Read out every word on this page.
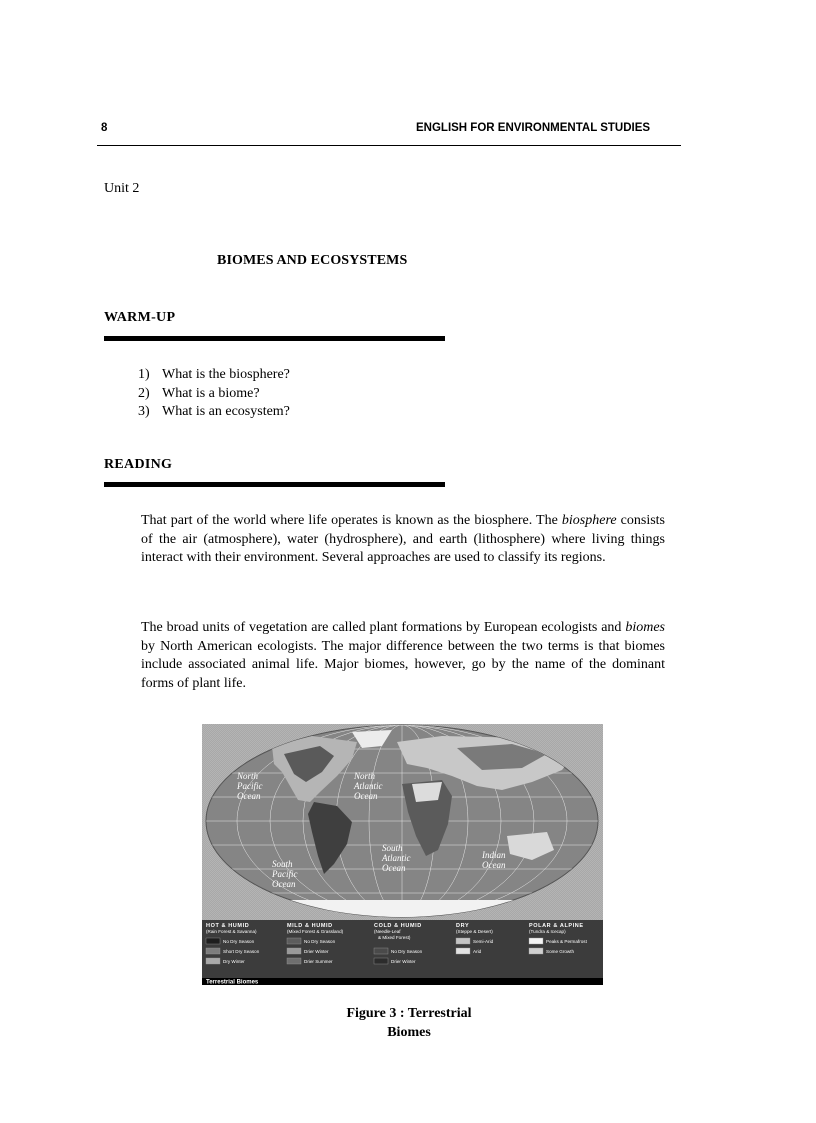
8	ENGLISH FOR ENVIRONMENTAL STUDIES
Unit 2
BIOMES AND ECOSYSTEMS
WARM-UP
1) What is the biosphere?
2) What is a biome?
3) What is an ecosystem?
READING

That part of the world where life operates is known as the biosphere. The biosphere consists of the air (atmosphere), water (hydrosphere), and earth (lithosphere) where living things interact with their environment. Several approaches are used to classify its regions.

The broad units of vegetation are called plant formations by European ecologists and biomes by North American ecologists. The major difference between the two terms is that biomes include associated animal life. Major biomes, however, go by the name of the dominant forms of plant life.

North
Pacific
Ocean
North
Atlantic
Ocean
South
Atlantic
Ocean
Indian
Ocean
South
Pacific
Ocean
Terrestrial Biomes
HOT & HUMID
(Rain Forest & Savanna)
No Dry Season
Short Dry Season
Dry Winter
MILD & HUMID
(Mixed Forest & Grassland)
No Dry Season
Drier Winter
Drier Summer
COLD & HUMID
(Needle-Leaf
& Mixed Forest)
No Dry Season
Drier Winter
DRY
(Steppe & Desert)
Semi-Arid
Arid
POLAR & ALPINE
(Tundra & Icecap)
Peaks & Permafrost
Some Growth
Figure 3 : Terrestrial
Biomes
